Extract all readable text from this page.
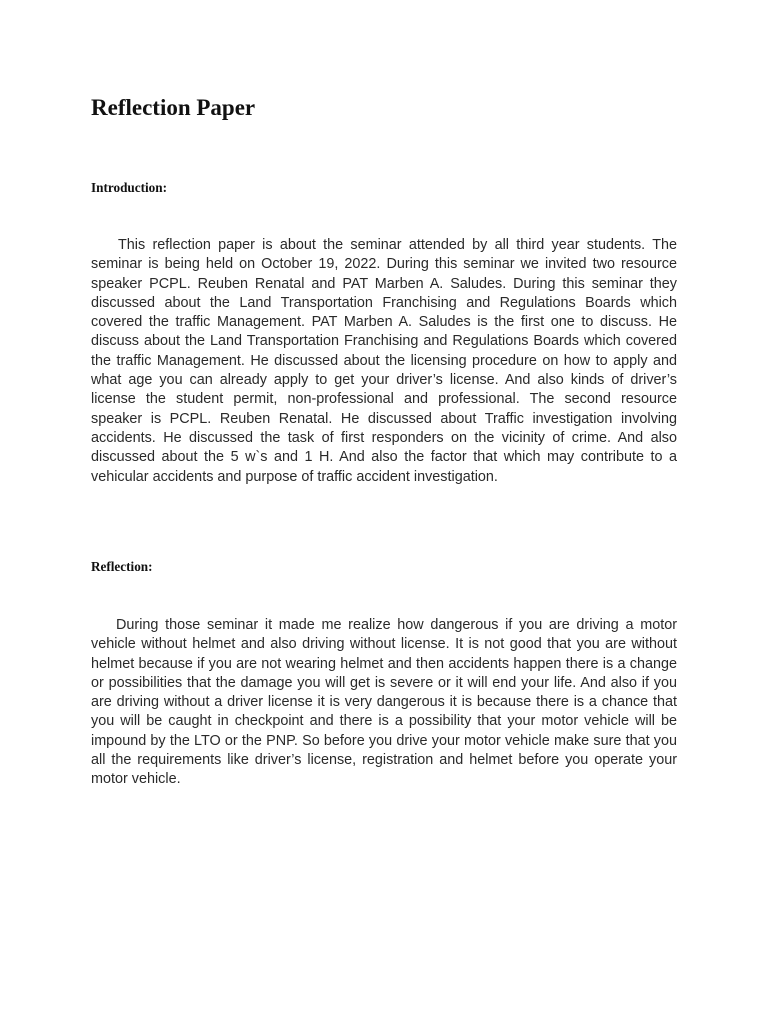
Reflection Paper
Introduction:

This reflection paper is about the seminar attended by all third year students. The seminar is being held on October 19, 2022. During this seminar we invited two resource speaker PCPL. Reuben Renatal and PAT Marben A. Saludes. During this seminar they discussed about the Land Transportation Franchising and Regulations Boards which covered the traffic Management. PAT Marben A. Saludes is the first one to discuss. He discuss about the Land Transportation Franchising and Regulations Boards which covered the traffic Management. He discussed about the licensing procedure on how to apply and what age you can already apply to get your driver’s license. And also kinds of driver’s license the student permit, non-professional and professional. The second resource speaker is PCPL. Reuben Renatal. He discussed about Traffic investigation involving accidents. He discussed the task of first responders on the vicinity of crime. And also discussed about the 5 w`s and 1 H. And also the factor that which may contribute to a vehicular accidents and purpose of traffic accident investigation.

Reflection:

During those seminar it made me realize how dangerous if you are driving a motor vehicle without helmet and also driving without license. It is not good that you are without helmet because if you are not wearing helmet and then accidents happen there is a change or possibilities that the damage you will get is severe or it will end your life. And also if you are driving without a driver license it is very dangerous it is because there is a chance that you will be caught in checkpoint and there is a possibility that your motor vehicle will be impound by the LTO or the PNP. So before you drive your motor vehicle make sure that you all the requirements like driver’s license, registration and helmet before you operate your motor vehicle.
